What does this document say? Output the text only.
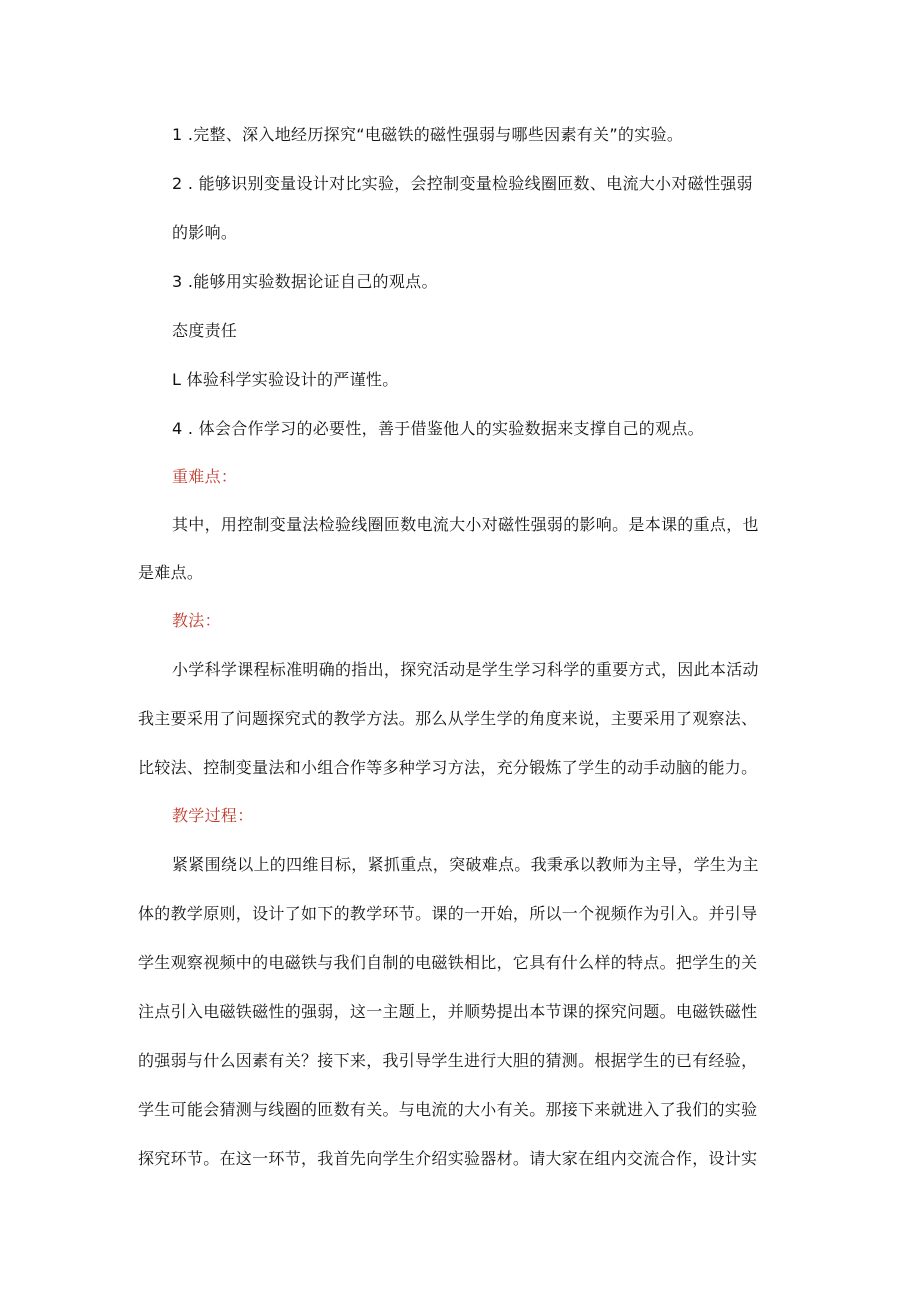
1 .完整、深入地经历探究“电磁铁的磁性强弱与哪些因素有关”的实验。
2 . 能够识别变量设计对比实验，会控制变量检验线圈匝数、电流大小对磁性强弱
的影响。
3 .能够用实验数据论证自己的观点。
态度责任
L 体验科学实验设计的严谨性。
4 . 体会合作学习的必要性，善于借鉴他人的实验数据来支撑自己的观点。
重难点：
其中，用控制变量法检验线圈匝数电流大小对磁性强弱的影响。是本课的重点，也
是难点。
教法：
小学科学课程标准明确的指出，探究活动是学生学习科学的重要方式，因此本活动
我主要采用了问题探究式的教学方法。那么从学生学的角度来说，主要采用了观察法、
比较法、控制变量法和小组合作等多种学习方法，充分锻炼了学生的动手动脑的能力。
教学过程：
紧紧围绕以上的四维目标，紧抓重点，突破难点。我秉承以教师为主导，学生为主
体的教学原则，设计了如下的教学环节。课的一开始，所以一个视频作为引入。并引导
学生观察视频中的电磁铁与我们自制的电磁铁相比，它具有什么样的特点。把学生的关
注点引入电磁铁磁性的强弱，这一主题上，并顺势提出本节课的探究问题。电磁铁磁性
的强弱与什么因素有关？接下来，我引导学生进行大胆的猜测。根据学生的已有经验，
学生可能会猜测与线圈的匝数有关。与电流的大小有关。那接下来就进入了我们的实验
探究环节。在这一环节，我首先向学生介绍实验器材。请大家在组内交流合作，设计实
